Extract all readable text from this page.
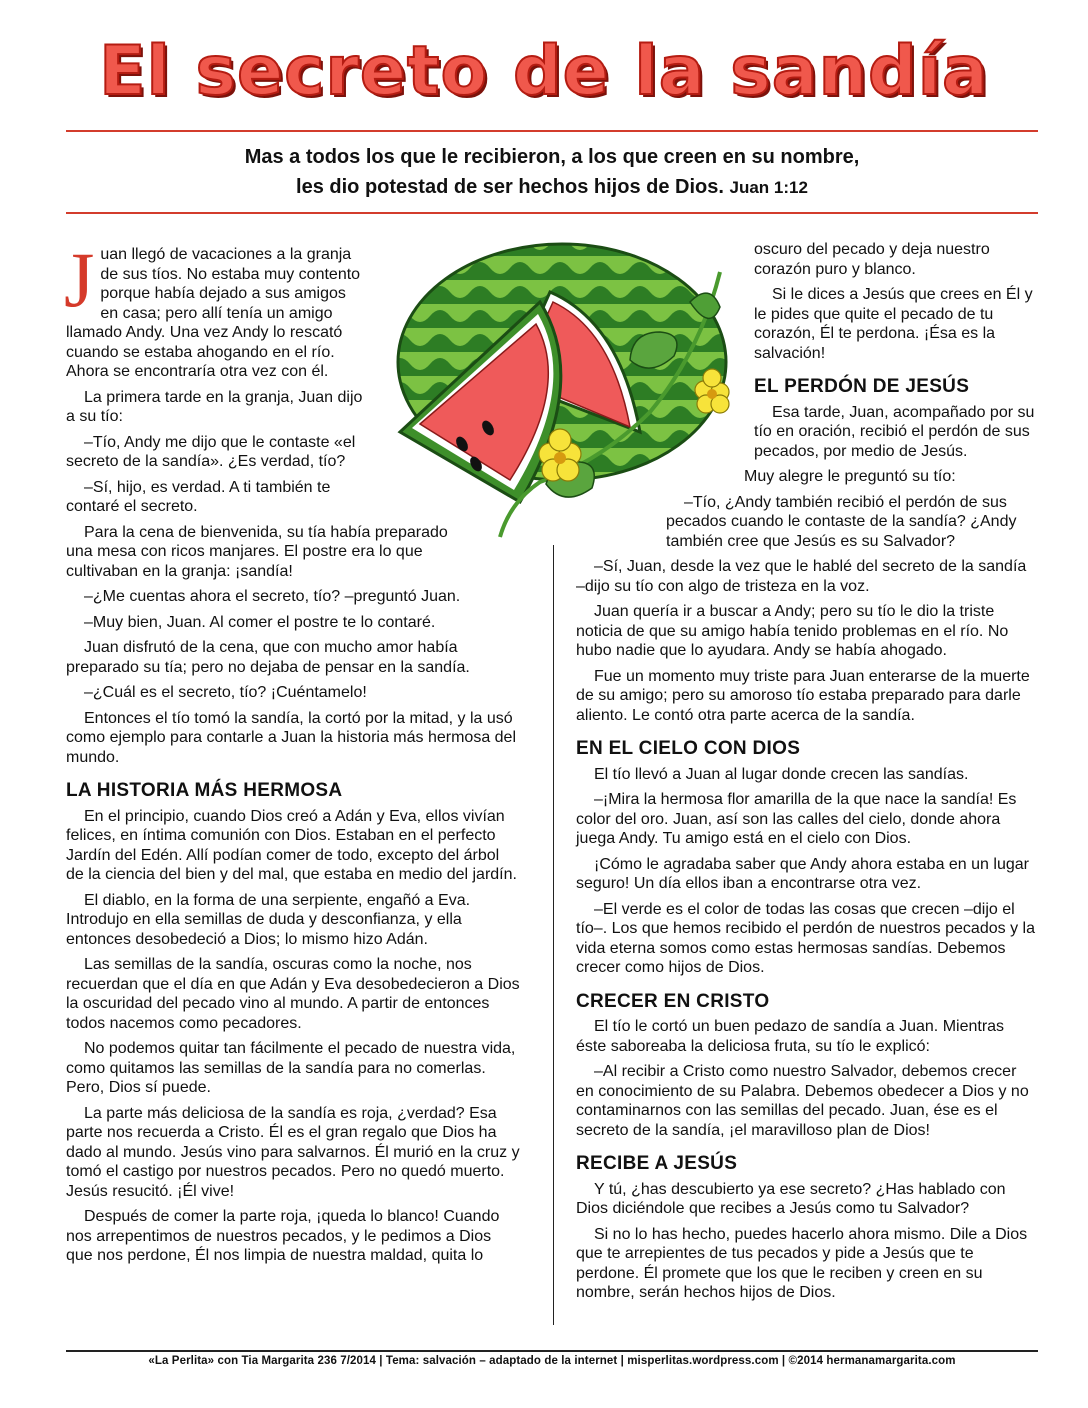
El secreto de la sandía
Mas a todos los que le recibieron, a los que creen en su nombre,
les dio potestad de ser hechos hijos de Dios. Juan 1:12

Juan llegó de vacaciones a la granja de sus tíos. No estaba muy contento porque había dejado a sus amigos en casa; pero allí tenía un amigo llamado Andy. Una vez Andy lo rescató cuando se estaba ahogando en el río. Ahora se encontraría otra vez con él.

La primera tarde en la granja, Juan dijo a su tío:

–Tío, Andy me dijo que le contaste «el secreto de la sandía». ¿Es verdad, tío?

–Sí, hijo, es verdad. A ti también te contaré el secreto.

Para la cena de bienvenida, su tía había preparado una mesa con ricos manjares. El postre era lo que cultivaban en la granja: ¡sandía!

–¿Me cuentas ahora el secreto, tío? –preguntó Juan.

–Muy bien, Juan. Al comer el postre te lo contaré.

Juan disfrutó de la cena, que con mucho amor había preparado su tía; pero no dejaba de pensar en la sandía.

–¿Cuál es el secreto, tío? ¡Cuéntamelo!

Entonces el tío tomó la sandía, la cortó por la mitad, y la usó como ejemplo para contarle a Juan la historia más hermosa del mundo.

LA HISTORIA MÁS HERMOSA

En el principio, cuando Dios creó a Adán y Eva, ellos vivían felices, en íntima comunión con Dios. Estaban en el perfecto Jardín del Edén. Allí podían comer de todo, excepto del árbol de la ciencia del bien y del mal, que estaba en medio del jardín.

El diablo, en la forma de una serpiente, engañó a Eva. Introdujo en ella semillas de duda y desconfianza, y ella entonces desobedeció a Dios; lo mismo hizo Adán.

Las semillas de la sandía, oscuras como la noche, nos recuerdan que el día en que Adán y Eva desobedecieron a Dios la oscuridad del pecado vino al mundo. A partir de entonces todos nacemos como pecadores.

No podemos quitar tan fácilmente el pecado de nuestra vida, como quitamos las semillas de la sandía para no comerlas. Pero, Dios sí puede.

La parte más deliciosa de la sandía es roja, ¿verdad? Esa parte nos recuerda a Cristo. Él es el gran regalo que Dios ha dado al mundo. Jesús vino para salvarnos. Él murió en la cruz y tomó el castigo por nuestros pecados. Pero no quedó muerto. Jesús resucitó. ¡Él vive!

Después de comer la parte roja, ¡queda lo blanco! Cuando nos arrepentimos de nuestros pecados, y le pedimos a Dios que nos perdone, Él nos limpia de nuestra maldad, quita lo

oscuro del pecado y deja nuestro corazón puro y blanco.

Si le dices a Jesús que crees en Él y le pides que quite el pecado de tu corazón, Él te perdona. ¡Ésa es la salvación!

EL PERDÓN DE JESÚS

Esa tarde, Juan, acompañado por su tío en oración, recibió el perdón de sus pecados, por medio de Jesús.

Muy alegre le preguntó su tío:

–Tío, ¿Andy también recibió el perdón de sus pecados cuando le contaste de la sandía? ¿Andy también cree que Jesús es su Salvador?

–Sí, Juan, desde la vez que le hablé del secreto de la sandía –dijo su tío con algo de tristeza en la voz.

Juan quería ir a buscar a Andy; pero su tío le dio la triste noticia de que su amigo había tenido problemas en el río. No hubo nadie que lo ayudara. Andy se había ahogado.

Fue un momento muy triste para Juan enterarse de la muerte de su amigo; pero su amoroso tío estaba preparado para darle aliento. Le contó otra parte acerca de la sandía.

EN EL CIELO CON DIOS

El tío llevó a Juan al lugar donde crecen las sandías.

–¡Mira la hermosa flor amarilla de la que nace la sandía! Es color del oro. Juan, así son las calles del cielo, donde ahora juega Andy. Tu amigo está en el cielo con Dios.

¡Cómo le agradaba saber que Andy ahora estaba en un lugar seguro! Un día ellos iban a encontrarse otra vez.

–El verde es el color de todas las cosas que crecen –dijo el tío–. Los que hemos recibido el perdón de nuestros pecados y la vida eterna somos como estas hermosas sandías. Debemos crecer como hijos de Dios.

CRECER EN CRISTO

El tío le cortó un buen pedazo de sandía a Juan. Mientras éste saboreaba la deliciosa fruta, su tío le explicó:

–Al recibir a Cristo como nuestro Salvador, debemos crecer en conocimiento de su Palabra. Debemos obedecer a Dios y no contaminarnos con las semillas del pecado. Juan, ése es el secreto de la sandía, ¡el maravilloso plan de Dios!

RECIBE A JESÚS

Y tú, ¿has descubierto ya ese secreto? ¿Has hablado con Dios diciéndole que recibes a Jesús como tu Salvador?

Si no lo has hecho, puedes hacerlo ahora mismo. Dile a Dios que te arrepientes de tus pecados y pide a Jesús que te perdone. Él promete que los que le reciben y creen en su nombre, serán hechos hijos de Dios.

«La Perlita» con Tia Margarita 236 7/2014 | Tema: salvación – adaptado de la internet | misperlitas.wordpress.com | ©2014 hermanamargarita.com
